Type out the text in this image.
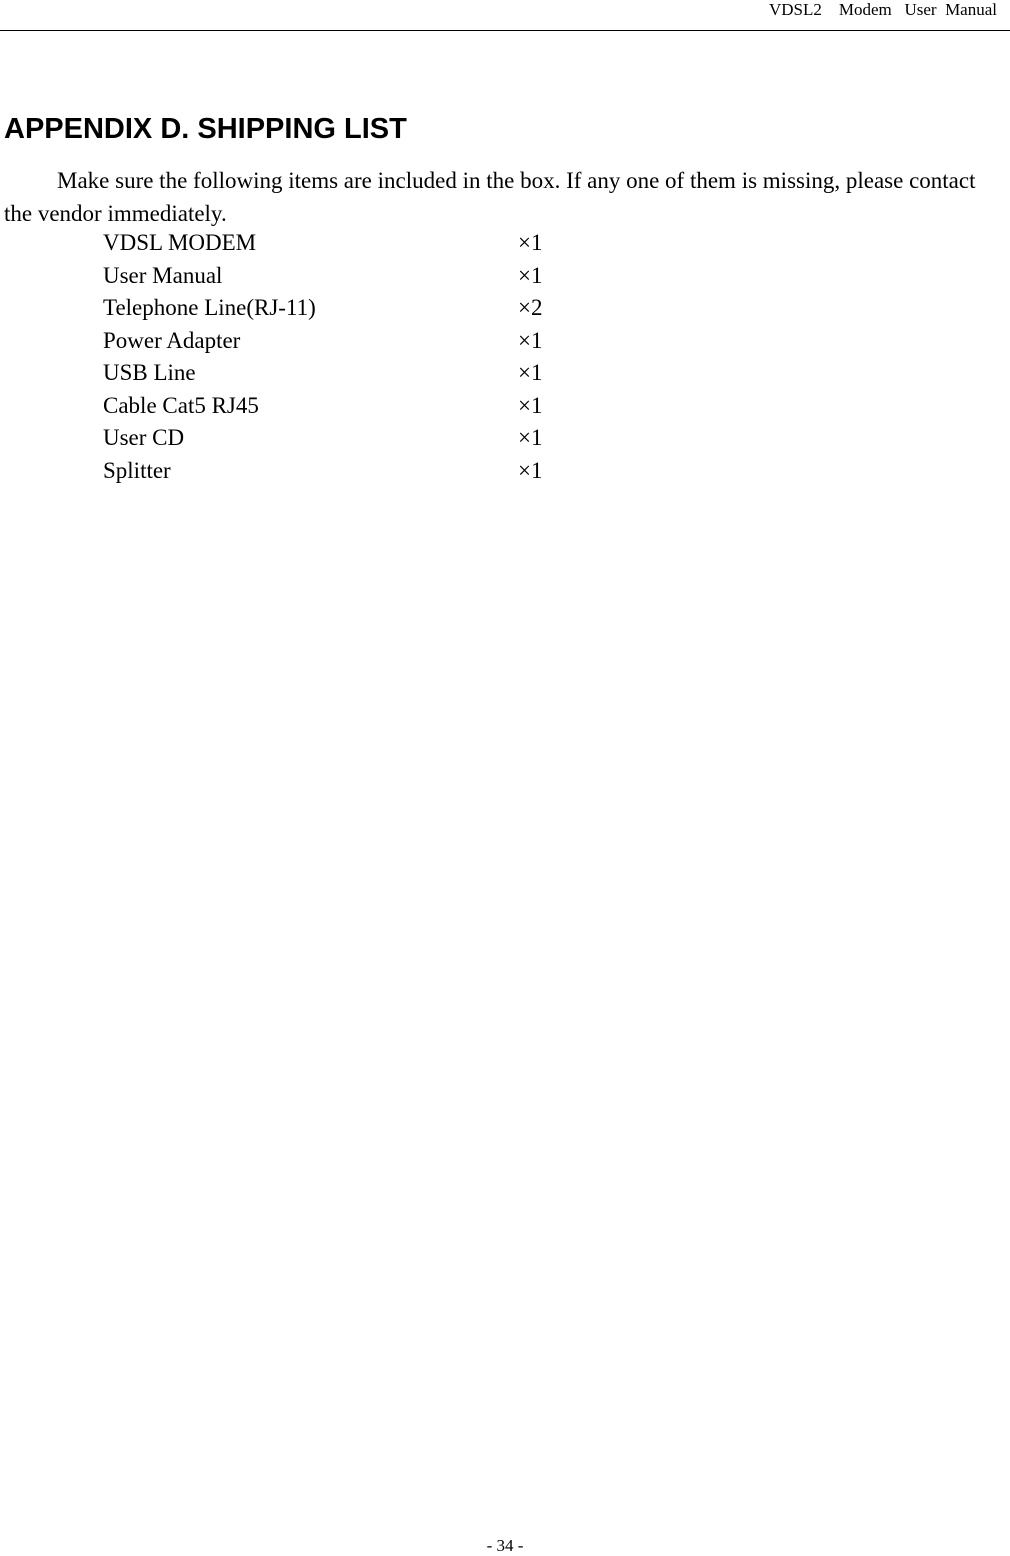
VDSL2    Modem   User  Manual
APPENDIX D. SHIPPING LIST

Make sure the following items are included in the box. If any one of them is missing, please contact the vendor immediately.

VDSL MODEM	×1
User Manual	×1
Telephone Line(RJ-11)	×2
Power Adapter	×1
USB Line	×1
Cable Cat5 RJ45	×1
User CD	×1
Splitter	×1
- 34 -
